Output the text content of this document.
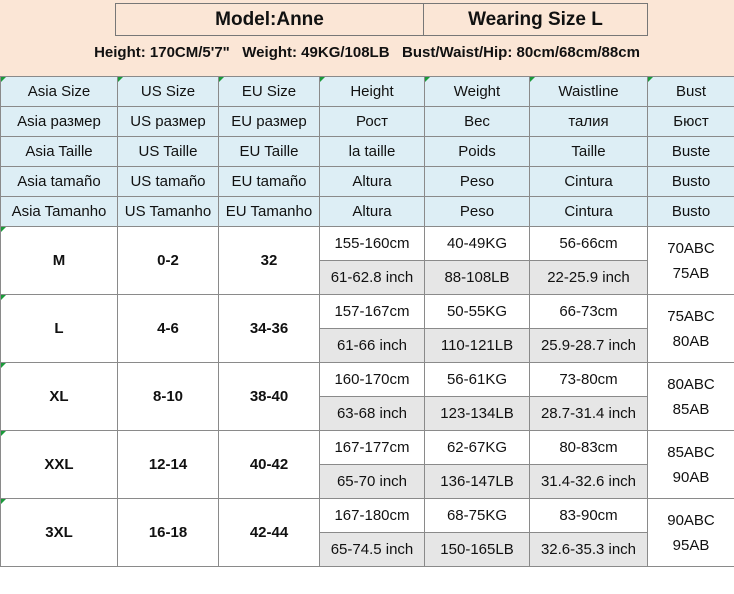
Model:Anne	Wearing Size L
Height: 170CM/5'7"   Weight: 49KG/108LB   Bust/Waist/Hip: 80cm/68cm/88cm
Asia Size	US Size	EU Size	Height	Weight	Waistline	Bust
Asia размер	US размер	EU размер	Рост	Вес	талия	Бюст
Asia Taille	US Taille	EU Taille	la taille	Poids	Taille	Buste
Asia tamaño	US tamaño	EU tamaño	Altura	Peso	Cintura	Busto
Asia Tamanho	US Tamanho	EU Tamanho	Altura	Peso	Cintura	Busto
M	0-2	32	155-160cm	40-49KG	56-66cm	70ABC
75AB

			61-62.8 inch	88-108LB	22-25.9 inch	
L	4-6	34-36	157-167cm	50-55KG	66-73cm	75ABC
80AB

			61-66 inch	110-121LB	25.9-28.7 inch	
XL	8-10	38-40	160-170cm	56-61KG	73-80cm	80ABC
85AB

			63-68 inch	123-134LB	28.7-31.4 inch	
XXL	12-14	40-42	167-177cm	62-67KG	80-83cm	85ABC
90AB

			65-70 inch	136-147LB	31.4-32.6 inch	
3XL	16-18	42-44	167-180cm	68-75KG	83-90cm	90ABC
95AB

			65-74.5 inch	150-165LB	32.6-35.3 inch	
